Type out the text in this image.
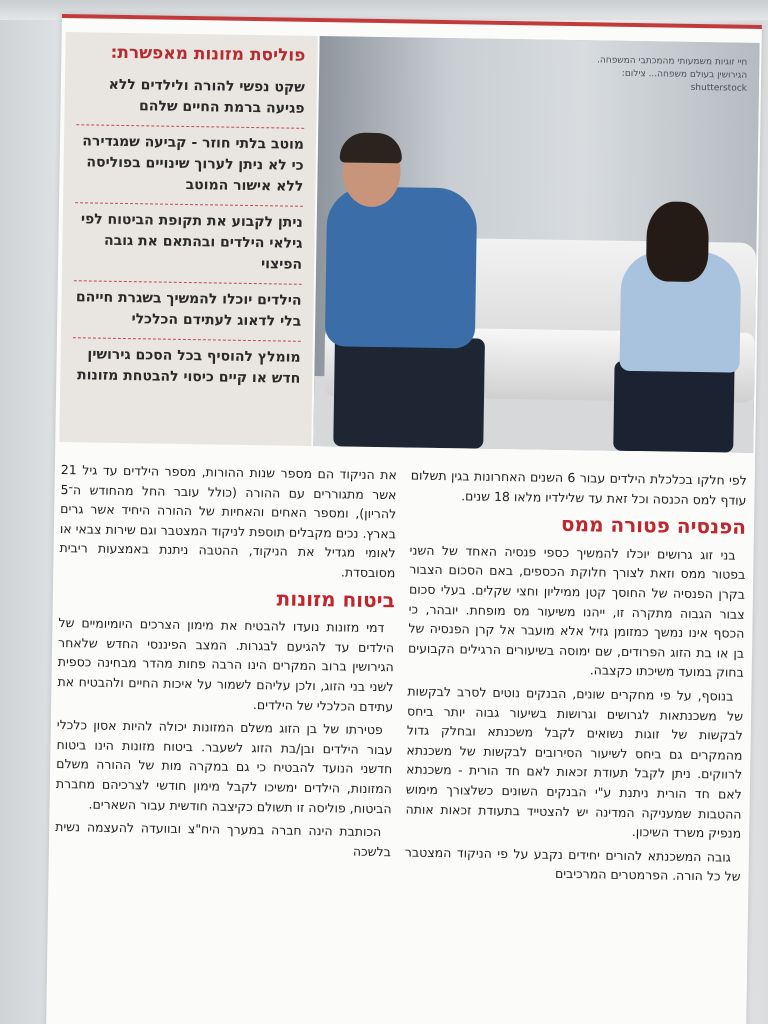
פוליסת מזונות מאפשרת:
שקט נפשי להורה ולילדים ללא פגיעה ברמת החיים שלהם
מוטב בלתי חוזר - קביעה שמגדירה כי לא ניתן לערוך שינויים בפוליסה ללא אישור המוטב
ניתן לקבוע את תקופת הביטוח לפי גילאי הילדים ובהתאם את גובה הפיצוי
הילדים יוכלו להמשיך בשגרת חייהם בלי לדאוג לעתידם הכלכלי
מומלץ להוסיף בכל הסכם גירושין חדש או קיים כיסוי להבטחת מזונות
חיי זוגיות משמעותי מהמכתבי המשפחה. הגירושין בעולם משפחה... צילום: shutterstock

לפי חלקו בכלכלת הילדים עבור 6 השנים האחרונות בגין תשלום עודף למס הכנסה וכל זאת עד שלילדיו מלאו 18 שנים.

הפנסיה פטורה ממס

בני זוג גרושים יוכלו להמשיך כספי פנסיה האחד של השני בפטור ממס וזאת לצורך חלוקת הכספים, באם הסכום הצבור בקרן הפנסיה של החוסך קטן ממיליון וחצי שקלים. בעלי סכום צבור הגבוה מתקרה זו, ייהנו משיעור מס מופחת. יובהר, כי הכסף אינו נמשך כמזומן גזיל אלא מועבר אל קרן הפנסיה של בן או בת הזוג הפרודים, שם ימוסה בשיעורים הרגילים הקבועים בחוק במועד משיכתו כקצבה.

בנוסף, על פי מחקרים שונים, הבנקים נוטים לסרב לבקשות של משכנתאות לגרושים וגרושות בשיעור גבוה יותר ביחס לבקשות של זוגות נשואים לקבל משכנתא ובחלק גדול מהמקרים גם ביחס לשיעור הסירובים לבקשות של משכנתא לרווקים. ניתן לקבל תעודת זכאות לאם חד הורית - משכנתא לאם חד הורית ניתנת ע"י הבנקים השונים כשלצורך מימוש ההטבות שמעניקה המדינה יש להצטייד בתעודת זכאות אותה מנפיק משרד השיכון.

גובה המשכנתא להורים יחידים נקבע על פי הניקוד המצטבר של כל הורה. הפרמטרים המרכיבים

את הניקוד הם מספר שנות ההורות, מספר הילדים עד גיל 21 אשר מתגוררים עם ההורה (כולל עובר החל מהחודש ה־5 להריון), ומספר האחים והאחיות של ההורה היחיד אשר גרים בארץ. נכים מקבלים תוספת לניקוד המצטבר וגם שירות צבאי או לאומי מגדיל את הניקוד, ההטבה ניתנת באמצעות ריבית מסובסדת.

ביטוח מזונות

דמי מזונות נועדו להבטיח את מימון הצרכים היומיומיים של הילדים עד להגיעם לבגרות. המצב הפיננסי החדש שלאחר הגירושין ברוב המקרים הינו הרבה פחות מהדר מבחינה כספית לשני בני הזוג, ולכן עליהם לשמור על איכות החיים ולהבטיח את עתידם הכלכלי של הילדים.

פטירתו של בן הזוג משלם המזונות יכולה להיות אסון כלכלי עבור הילדים ובן/בת הזוג לשעבר. ביטוח מזונות הינו ביטוח חדשני הנועד להבטיח כי גם במקרה מות של ההורה משלם המזונות, הילדים ימשיכו לקבל מימון חודשי לצרכיהם מחברת הביטוח, פוליסה זו תשולם כקיצבה חודשית עבור השארים.

הכותבת הינה חברה במערך היח"צ ובוועדה להעצמה נשית בלשכה
